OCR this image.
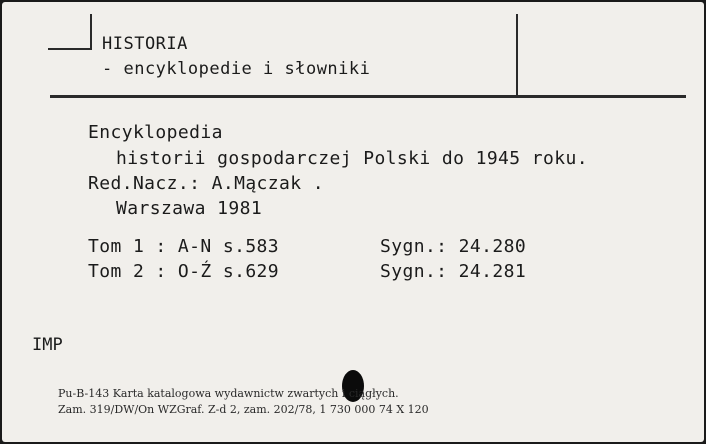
HISTORIA
- encyklopedie i słowniki
Encyklopedia
historii gospodarczej Polski do 1945 roku.
Red.Nacz.: A.Mączak .
Warszawa 1981
Tom 1 : A-N s.583	Sygn.: 24.280
Tom 2 : O-Ź s.629	Sygn.: 24.281
IMP
Pu-B-143 Karta katalogowa wydawnictw zwartych i ciągłych.
Zam. 319/DW/On WZGraf. Z-d 2, zam. 202/78, 1 730 000 74 X 120
